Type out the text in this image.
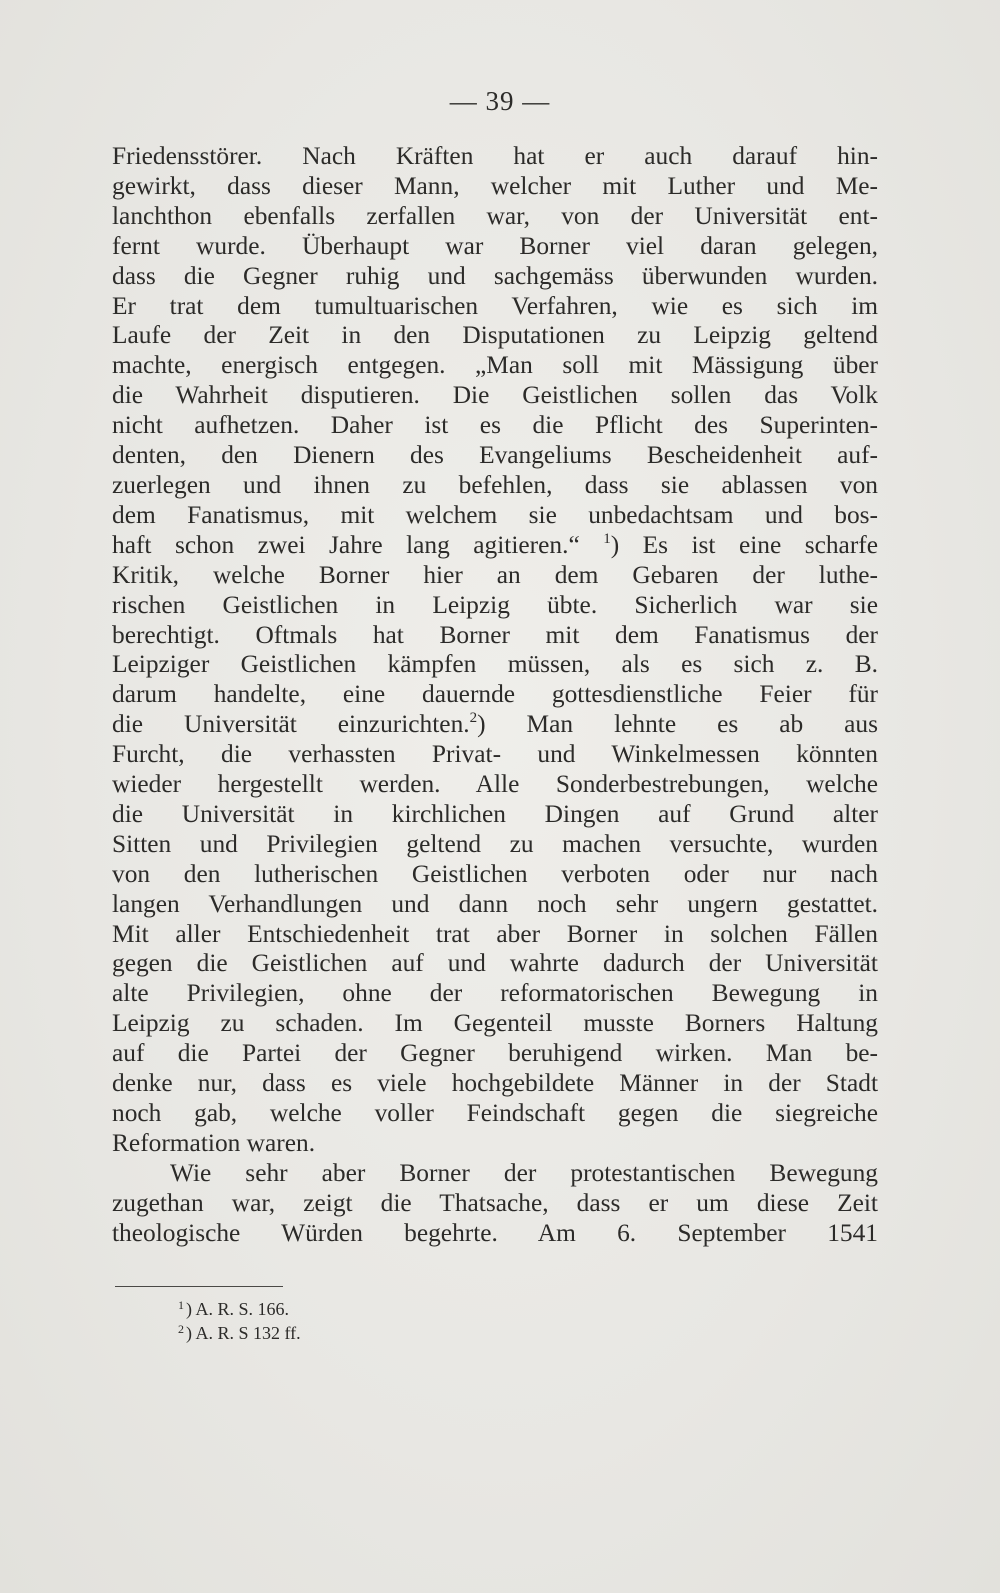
— 39 —
Friedensstörer. Nach Kräften hat er auch darauf hin-
gewirkt, dass dieser Mann, welcher mit Luther und Me-
lanchthon ebenfalls zerfallen war, von der Universität ent-
fernt wurde. Überhaupt war Borner viel daran gelegen,
dass die Gegner ruhig und sachgemäss überwunden wurden.
Er trat dem tumultuarischen Verfahren, wie es sich im
Laufe der Zeit in den Disputationen zu Leipzig geltend
machte, energisch entgegen. „Man soll mit Mässigung über
die Wahrheit disputieren. Die Geistlichen sollen das Volk
nicht aufhetzen. Daher ist es die Pflicht des Superinten-
denten, den Dienern des Evangeliums Bescheidenheit auf-
zuerlegen und ihnen zu befehlen, dass sie ablassen von
dem Fanatismus, mit welchem sie unbedachtsam und bos-
haft schon zwei Jahre lang agitieren.“ $^1$) Es ist eine scharfe
Kritik, welche Borner hier an dem Gebaren der luthe-
rischen Geistlichen in Leipzig übte. Sicherlich war sie
berechtigt. Oftmals hat Borner mit dem Fanatismus der
Leipziger Geistlichen kämpfen müssen, als es sich z. B.
darum handelte, eine dauernde gottesdienstliche Feier für
die Universität einzurichten.$^2$) Man lehnte es ab aus
Furcht, die verhassten Privat- und Winkelmessen könnten
wieder hergestellt werden. Alle Sonderbestrebungen, welche
die Universität in kirchlichen Dingen auf Grund alter
Sitten und Privilegien geltend zu machen versuchte, wurden
von den lutherischen Geistlichen verboten oder nur nach
langen Verhandlungen und dann noch sehr ungern gestattet.
Mit aller Entschiedenheit trat aber Borner in solchen Fällen
gegen die Geistlichen auf und wahrte dadurch der Universität
alte Privilegien, ohne der reformatorischen Bewegung in
Leipzig zu schaden. Im Gegenteil musste Borners Haltung
auf die Partei der Gegner beruhigend wirken. Man be-
denke nur, dass es viele hochgebildete Männer in der Stadt
noch gab, welche voller Feindschaft gegen die siegreiche
Reformation waren.
Wie sehr aber Borner der protestantischen Bewegung
zugethan war, zeigt die Thatsache, dass er um diese Zeit
theologische Würden begehrte. Am 6. September 1541
$^1$ ) A. R. S. 166.
$^2$ ) A. R. S 132 ff.
